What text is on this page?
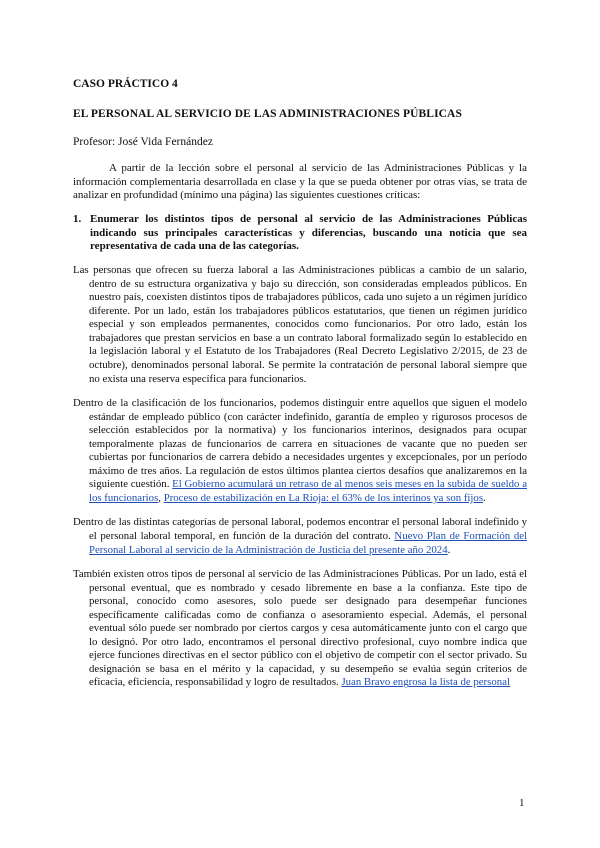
CASO PRÁCTICO 4
EL PERSONAL AL SERVICIO DE LAS ADMINISTRACIONES PÚBLICAS
Profesor: José Vida Fernández

A partir de la lección sobre el personal al servicio de las Administraciones Públicas y la información complementaria desarrollada en clase y la que se pueda obtener por otras vías, se trata de analizar en profundidad (mínimo una página) las siguientes cuestiones críticas:

1. Enumerar los distintos tipos de personal al servicio de las Administraciones Públicas indicando sus principales características y diferencias, buscando una noticia que sea representativa de cada una de las categorías.

Las personas que ofrecen su fuerza laboral a las Administraciones públicas a cambio de un salario, dentro de su estructura organizativa y bajo su dirección, son consideradas empleados públicos. En nuestro país, coexisten distintos tipos de trabajadores públicos, cada uno sujeto a un régimen jurídico diferente. Por un lado, están los trabajadores públicos estatutarios, que tienen un régimen jurídico especial y son empleados permanentes, conocidos como funcionarios. Por otro lado, están los trabajadores que prestan servicios en base a un contrato laboral formalizado según lo establecido en la legislación laboral y el Estatuto de los Trabajadores (Real Decreto Legislativo 2/2015, de 23 de octubre), denominados personal laboral. Se permite la contratación de personal laboral siempre que no exista una reserva específica para funcionarios.

Dentro de la clasificación de los funcionarios, podemos distinguir entre aquellos que siguen el modelo estándar de empleado público (con carácter indefinido, garantía de empleo y rigurosos procesos de selección establecidos por la normativa) y los funcionarios interinos, designados para ocupar temporalmente plazas de funcionarios de carrera en situaciones de vacante que no pueden ser cubiertas por funcionarios de carrera debido a necesidades urgentes y excepcionales, por un período máximo de tres años. La regulación de estos últimos plantea ciertos desafíos que analizaremos en la siguiente cuestión. El Gobierno acumulará un retraso de al menos seis meses en la subida de sueldo a los funcionarios, Proceso de estabilización en La Rioja: el 63% de los interinos ya son fijos.

Dentro de las distintas categorías de personal laboral, podemos encontrar el personal laboral indefinido y el personal laboral temporal, en función de la duración del contrato. Nuevo Plan de Formación del Personal Laboral al servicio de la Administración de Justicia del presente año 2024.

También existen otros tipos de personal al servicio de las Administraciones Públicas. Por un lado, está el personal eventual, que es nombrado y cesado libremente en base a la confianza. Este tipo de personal, conocido como asesores, solo puede ser designado para desempeñar funciones específicamente calificadas como de confianza o asesoramiento especial. Además, el personal eventual sólo puede ser nombrado por ciertos cargos y cesa automáticamente junto con el cargo que lo designó. Por otro lado, encontramos el personal directivo profesional, cuyo nombre indica que ejerce funciones directivas en el sector público con el objetivo de competir con el sector privado. Su designación se basa en el mérito y la capacidad, y su desempeño se evalúa según criterios de eficacia, eficiencia, responsabilidad y logro de resultados. Juan Bravo engrosa la lista de personal

1
